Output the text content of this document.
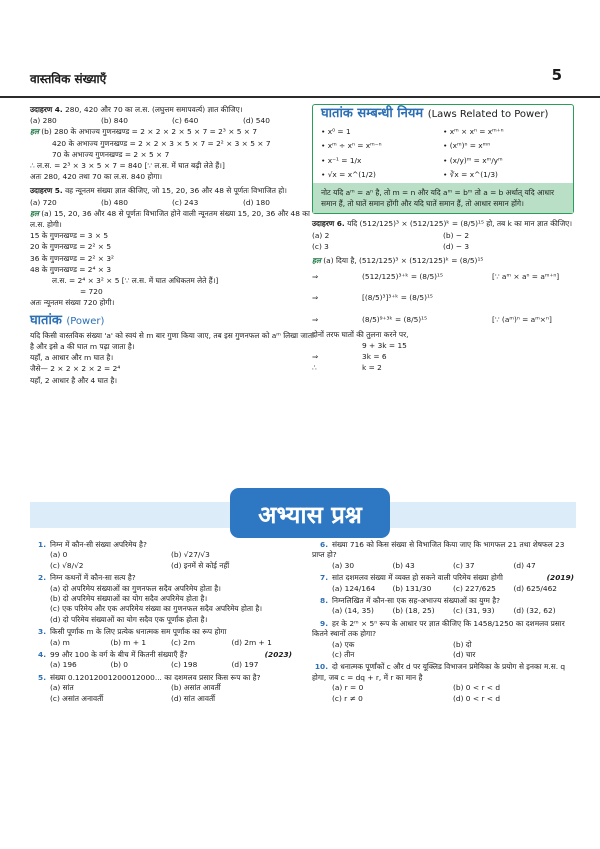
वास्तविक संख्याएँ	5
उदाहरण 4. 280, 420 और 70 का ल.स. (लघुत्तम समापवर्त्य) ज्ञात कीजिए।
(a) 280	(b) 840	(c) 640	(d) 540
हल (b) 280 के अभाज्य गुणनखण्ड = 2 × 2 × 2 × 5 × 7 = 2³ × 5 × 7
420 के अभाज्य गुणनखण्ड = 2 × 2 × 3 × 5 × 7 = 2² × 3 × 5 × 7
70 के अभाज्य गुणनखण्ड = 2 × 5 × 7
∴ ल.स. = 2³ × 3 × 5 × 7 = 840 [∵ ल.स. में घात बढ़ी लेते हैं।]
अतः 280, 420 तथा 70 का ल.स. 840 होगा।
उदाहरण 5. वह न्यूनतम संख्या ज्ञात कीजिए, जो 15, 20, 36 और 48 से पूर्णतः विभाजित हो।
(a) 720	(b) 480	(c) 243	(d) 180
हल (a) 15, 20, 36 और 48 से पूर्णतः विभाजित होने वाली न्यूनतम संख्या 15, 20, 36 और 48 का ल.स. होगी।
15 के गुणनखण्ड = 3 × 5
20 के गुणनखण्ड = 2² × 5
36 के गुणनखण्ड = 2² × 3²
48 के गुणनखण्ड = 2⁴ × 3
ल.स. = 2⁴ × 3² × 5 [∵ ल.स. में घात अधिकतम लेते हैं।]
= 720
अतः न्यूनतम संख्या 720 होगी।
घातांक (Power)
यदि किसी वास्तविक संख्या 'a' को स्वयं से m बार गुणा किया जाए, तब इस गुणनफल को aᵐ लिखा जाता है और इसे a की घात m पढ़ा जाता है।
यहाँ, a आधार और m घात है।
जैसे— 2 × 2 × 2 × 2 = 2⁴
यहाँ, 2 आधार है और 4 घात है।
घातांक सम्बन्धी नियम (Laws Related to Power)
• x⁰ = 1	• xᵐ × xⁿ = xᵐ⁺ⁿ
• xᵐ ÷ xⁿ = xᵐ⁻ⁿ	• (xᵐ)ⁿ = xᵐⁿ
• x⁻¹ = 1/x	• (x/y)ᵐ = xᵐ/yᵐ
• √x = x^(1/2)	• ∛x = x^(1/3)
नोट यदि aᵐ = aⁿ है, तो m = n और यदि aᵐ = bᵐ तो a = b अर्थात् यदि आधार समान हैं, तो घातें समान होंगी और यदि घातें समान हैं, तो आधार समान होंगे।
उदाहरण 6. यदि (512/125)³ × (512/125)ᵏ = (8/5)¹⁵ हो, तब k का मान ज्ञात कीजिए।
(a) 2	(b) − 2
(c) 3	(d) − 3
हल (a) दिया है, (512/125)³ × (512/125)ᵏ = (8/5)¹⁵
⇒	(512/125)³⁺ᵏ = (8/5)¹⁵	[∵ aᵐ × aⁿ = aᵐ⁺ⁿ]
⇒	[(8/5)³]³⁺ᵏ = (8/5)¹⁵
⇒	(8/5)⁹⁺³ᵏ = (8/5)¹⁵	[∵ (aᵐ)ⁿ = aᵐ×ⁿ]
दोनों तरफ घातों की तुलना करने पर,
9 + 3k = 15
⇒	3k = 6
∴	k = 2
अभ्यास प्रश्न
1. निम्न में कौन-सी संख्या अपरिमेय है?
(a) 0	(b) √27/√3
(c) √8/√2	(d) इनमें से कोई नहीं
2. निम्न कथनों में कौन-सा सत्य है?
(a) दो अपरिमेय संख्याओं का गुणनफल सदैव अपरिमेय होता है।
(b) दो अपरिमेय संख्याओं का योग सदैव अपरिमेय होता है।
(c) एक परिमेय और एक अपरिमेय संख्या का गुणनफल सदैव अपरिमेय होता है।
(d) दो परिमेय संख्याओं का योग सदैव एक पूर्णांक होता है।
3. किसी पूर्णांक m के लिए प्रत्येक धनात्मक सम पूर्णांक का रूप होगा
(a) m	(b) m + 1	(c) 2m	(d) 2m + 1
4. 99 और 100 के वर्ग के बीच में कितनी संख्याएँ हैं?	(2023)
(a) 196	(b) 0	(c) 198	(d) 197
5. संख्या 0.12012001200012000... का दशमलव प्रसार किस रूप का है?
(a) सांत	(b) असांत आवर्ती
(c) असांत अनावर्ती	(d) सांत आवर्ती
6. संख्या 716 को किस संख्या से विभाजित किया जाए कि भागफल 21 तथा शेषफल 23 प्राप्त हो?
(a) 30	(b) 43	(c) 37	(d) 47
7. सांत दशमलव संख्या में व्यक्त हो सकने वाली परिमेय संख्या होगी	(2019)
(a) 124/164	(b) 131/30	(c) 227/625	(d) 625/462
8. निम्नलिखित में कौन-सा एक सह-अभाज्य संख्याओं का युग्म है?
(a) (14, 35)	(b) (18, 25)	(c) (31, 93)	(d) (32, 62)
9. हर के 2ᵐ × 5ⁿ रूप के आधार पर ज्ञात कीजिए कि 1458/1250 का दशमलव प्रसार कितने स्थानों तक होगा?
(a) एक	(b) दो
(c) तीन	(d) चार
10. दो धनात्मक पूर्णांकों c और d पर यूक्लिड विभाजन प्रमेयिका के प्रयोग से इनका म.स. q होगा, जब c = dq + r, में r का मान है
(a) r = 0	(b) 0 < r < d
(c) r ≠ 0	(d) 0 < r < d
